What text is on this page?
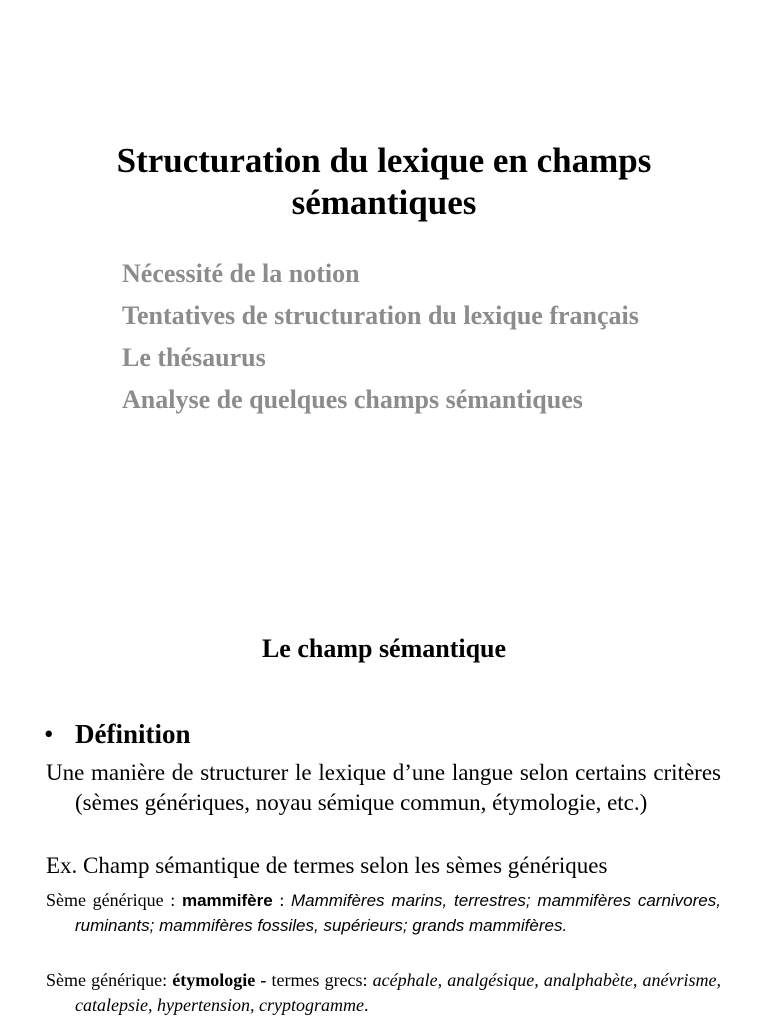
Structuration du lexique en champs sémantiques
Nécessité de la notion
Tentatives de structuration du lexique français
Le thésaurus
Analyse de quelques champs sémantiques
Le champ sémantique

• Définition

Une manière de structurer le lexique d’une langue selon certains critères (sèmes génériques, noyau sémique commun, étymologie, etc.)

Ex. Champ sémantique de termes selon les sèmes génériques

Sème générique : mammifère : Mammifères marins, terrestres; mammifères carnivores, ruminants; mammifères fossiles, supérieurs; grands mammifères.

Sème générique: étymologie - termes grecs: acéphale, analgésique, analphabète, anévrisme, catalepsie, hypertension, cryptogramme.
